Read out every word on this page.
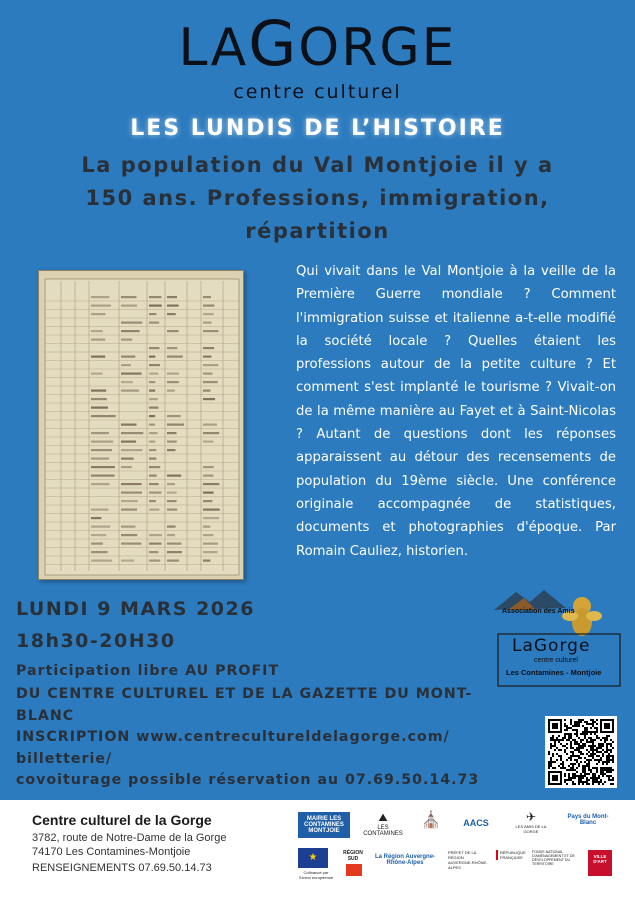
LAGORGE
centre culturel
LES LUNDIS DE L’HISTOIRE
La population du Val Montjoie il y a
150 ans. Professions, immigration,
répartition
Qui vivait dans le Val Montjoie à la veille de la Première Guerre mondiale ? Comment l'immigration suisse et italienne a-t-elle modifié la société locale ? Quelles étaient les professions autour de la petite culture ? Et comment s'est implanté le tourisme ? Vivait-on de la même manière au Fayet et à Saint-Nicolas ? Autant de questions dont les réponses apparaissent au détour des recensements de population du 19ème siècle. Une conférence originale accompagnée de statistiques, documents et photographies d'époque. Par Romain Cauliez, historien.
LUNDI 9 MARS 2026
18h30-20H30
Participation libre AU PROFIT
DU CENTRE CULTUREL ET DE LA GAZETTE DU MONT-
BLANC
INSCRIPTION www.centrecultureldelagorge.com/
billetterie/
covoiturage possible réservation au 07.69.50.14.73
Association des Amis
LaGorge
centre culturel
Les Contamines - Montjoie
Centre culturel de la Gorge
3782, route de Notre-Dame de la Gorge
74170 Les Contamines-Montjoie
RENSEIGNEMENTS 07.69.50.14.73
MAIRIE LES CONTAMINES MONTJOIE
⛰
LES CONTAMINES
⛪	AACS	✈
LES AMIS DE LA GORGE
Pays du Mont-Blanc
★
Cofinancé par l'Union européenne
RÉGION SUD	La Région Auvergne-Rhône-Alpes
PRÉFET DE LA RÉGION AUVERGNE-RHÔNE-ALPES
RÉPUBLIQUE FRANÇAISE
FONDS NATIONAL D'AMÉNAGEMENT ET DE DÉVELOPPEMENT DU TERRITOIRE
VILLE D'ART
